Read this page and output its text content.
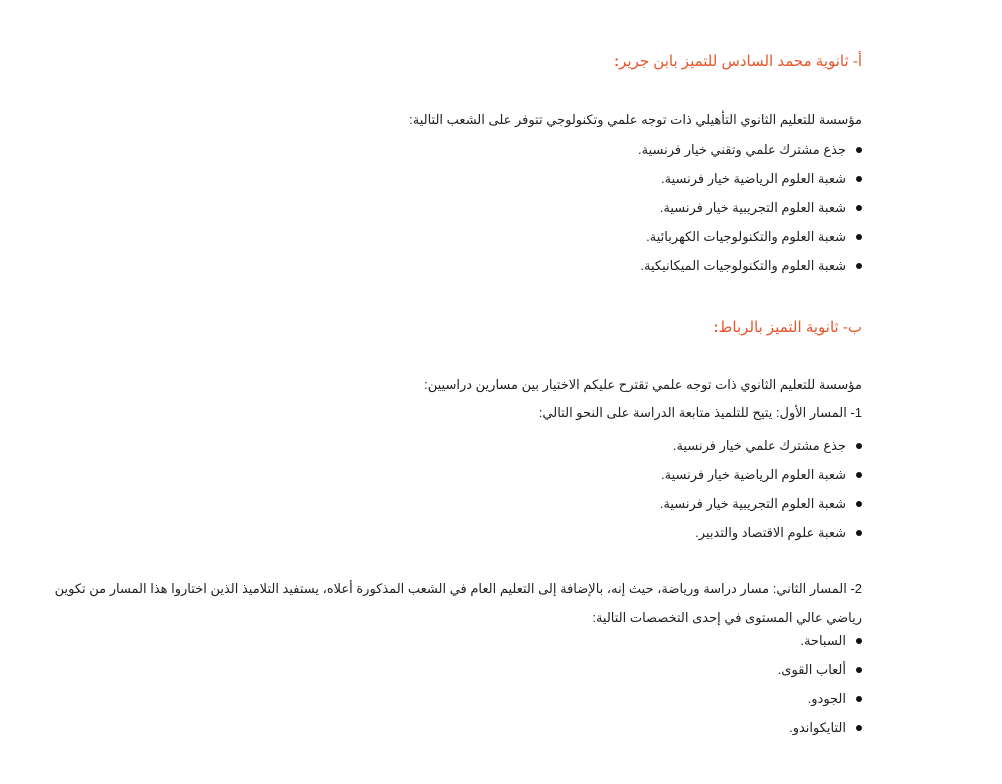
أ- ثانوية محمد السادس للتميز بابن جرير:
مؤسسة للتعليم الثانوي التأهيلي ذات توجه علمي وتكنولوجي تتوفر على الشعب التالية:
جذع مشترك علمي وتقني خيار فرنسية.
شعبة العلوم الرياضية خيار فرنسية.
شعبة العلوم التجريبية خيار فرنسية.
شعبة العلوم والتكنولوجيات الكهربائية.
شعبة العلوم والتكنولوجيات الميكانيكية.
ب- ثانوية التميز بالرباط:
مؤسسة للتعليم الثانوي ذات توجه علمي تقترح عليكم الاختيار بين مسارين دراسيين:
1- المسار الأول: يتيح للتلميذ متابعة الدراسة على النحو التالي:
جذع مشترك علمي خيار فرنسية.
شعبة العلوم الرياضية خيار فرنسية.
شعبة العلوم التجريبية خيار فرنسية.
شعبة علوم الاقتصاد والتدبير.
2- المسار الثاني: مسار دراسة ورياضة، حيث إنه، بالإضافة إلى التعليم العام في الشعب المذكورة أعلاه، يستفيد التلاميذ الذين اختاروا هذا المسار من تكوين رياضي عالي المستوى في إحدى التخصصات التالية:
السباحة.
ألعاب القوى.
الجودو.
التايكواندو.
